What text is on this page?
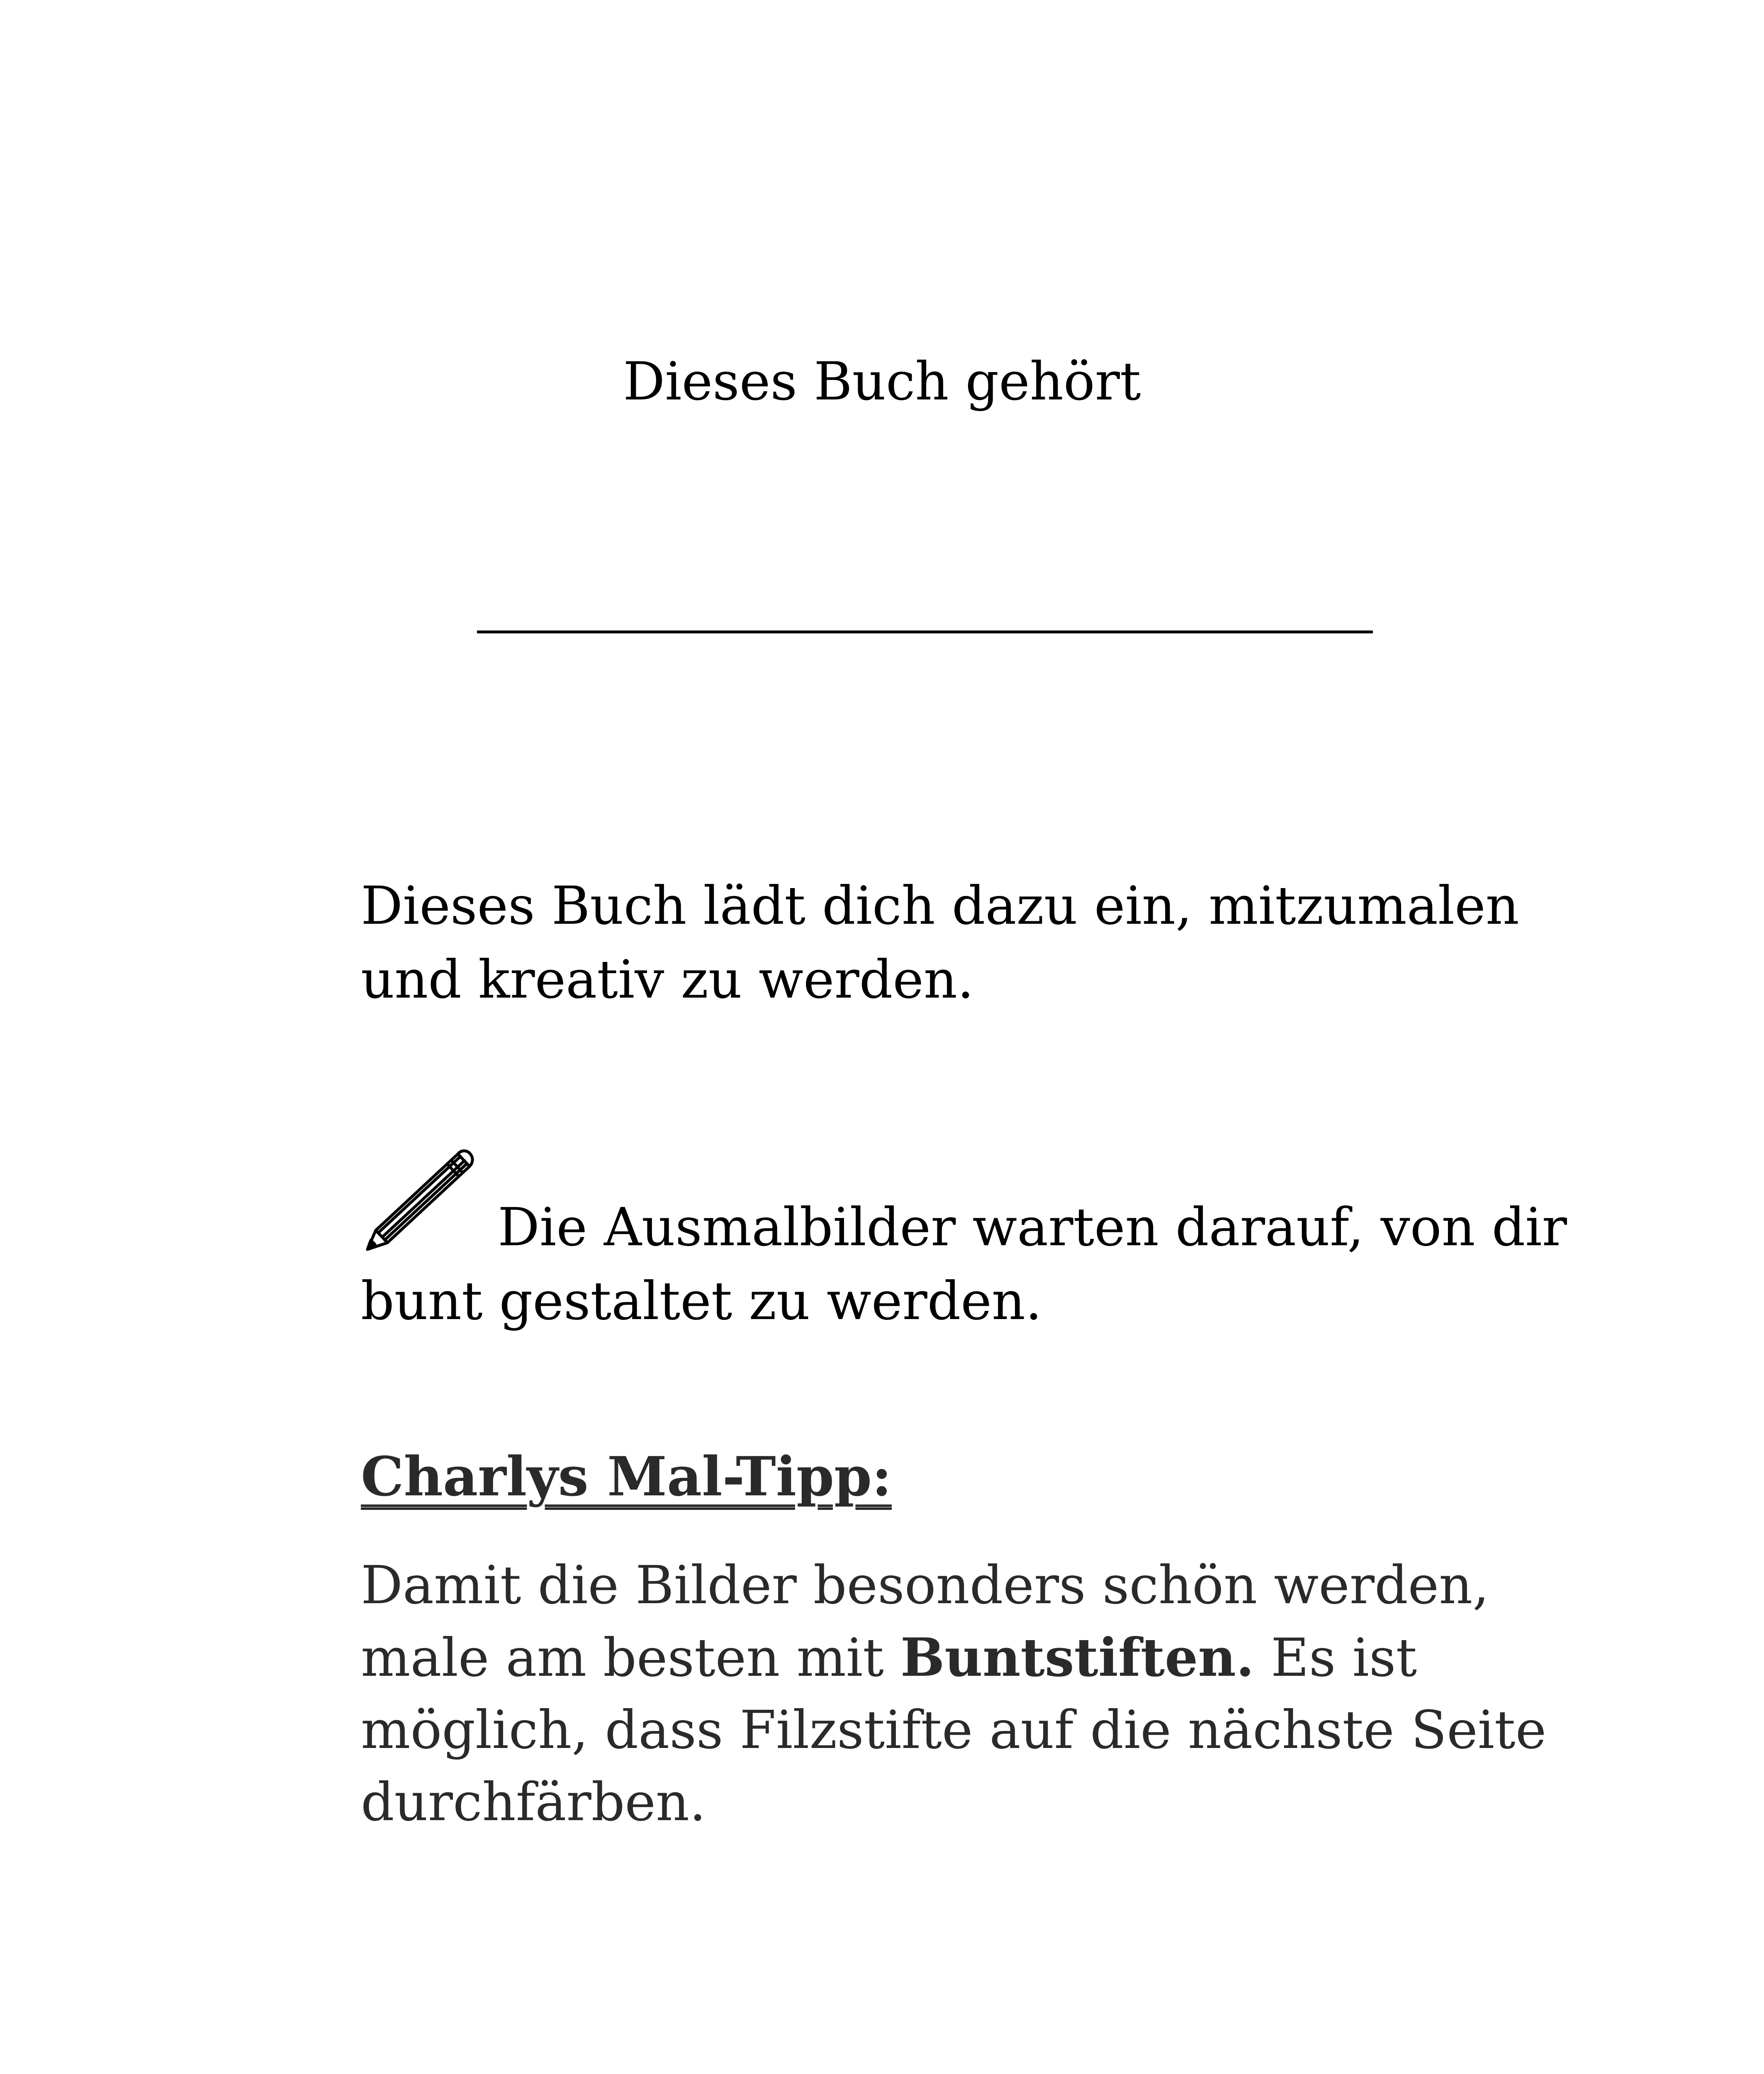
Dieses Buch gehört
Dieses Buch lädt dich dazu ein, mitzumalen
und kreativ zu werden.
Die Ausmalbilder warten darauf, von dir
bunt gestaltet zu werden.
Charlys Mal-Tipp:
Damit die Bilder besonders schön werden,
male am besten mit Buntstiften. Es ist
möglich, dass Filzstifte auf die nächste Seite
durchfärben.
